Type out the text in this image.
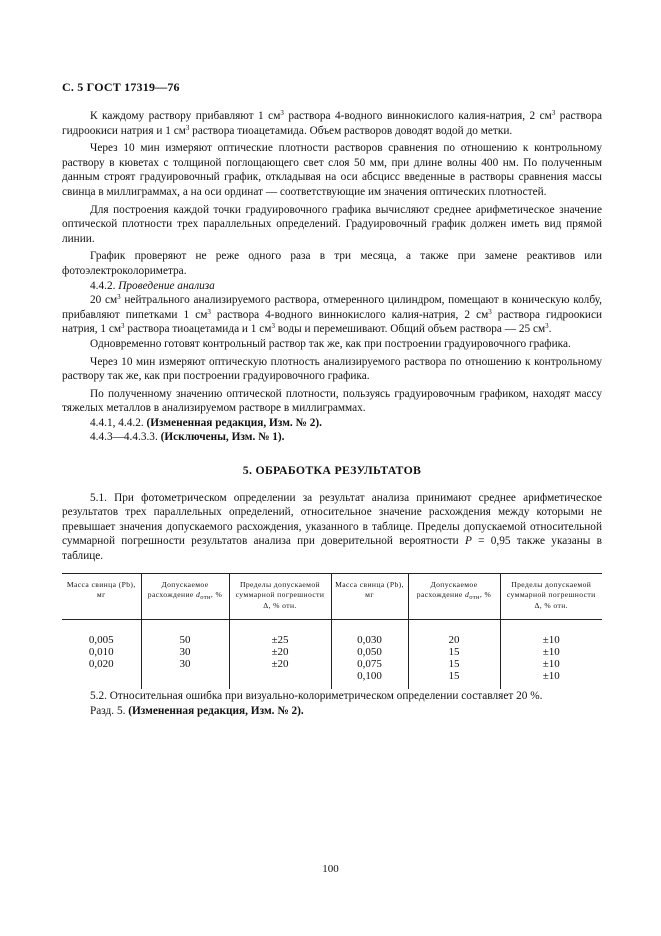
С. 5 ГОСТ 17319—76

К каждому раствору прибавляют 1 $см^3$ раствора 4-водного виннокислого калия-натрия, 2 $см^3$ раствора гидроокиси натрия и 1 $см^3$ раствора тиоацетамида. Объем растворов доводят водой до метки.

Через 10 мин измеряют оптические плотности растворов сравнения по отношению к контрольному раствору в кюветах с толщиной поглощающего свет слоя 50 мм, при длине волны 400 нм. По полученным данным строят градуировочный график, откладывая на оси абсцисс введенные в растворы сравнения массы свинца в миллиграммах, а на оси ординат — соответствующие им значения оптических плотностей.

Для построения каждой точки градуировочного графика вычисляют среднее арифметическое значение оптической плотности трех параллельных определений. Градуировочный график должен иметь вид прямой линии.

График проверяют не реже одного раза в три месяца, а также при замене реактивов или фотоэлектроколориметра.

4.4.2. Проведение анализа

20 $см^3$ нейтрального анализируемого раствора, отмеренного цилиндром, помещают в коническую колбу, прибавляют пипетками 1 $см^3$ раствора 4-водного виннокислого калия-натрия, 2 $см^3$ раствора гидроокиси натрия, 1 $см^3$ раствора тиоацетамида и 1 $см^3$ воды и перемешивают. Общий объем раствора — 25 $см^3$.

Одновременно готовят контрольный раствор так же, как при построении градуировочного графика.

Через 10 мин измеряют оптическую плотность анализируемого раствора по отношению к контрольному раствору так же, как при построении градуировочного графика.

По полученному значению оптической плотности, пользуясь градуировочным графиком, находят массу тяжелых металлов в анализируемом растворе в миллиграммах.

4.4.1, 4.4.2. (Измененная редакция, Изм. № 2).

4.4.3—4.4.3.3. (Исключены, Изм. № 1).

5. ОБРАБОТКА РЕЗУЛЬТАТОВ

5.1. При фотометрическом определении за результат анализа принимают среднее арифметическое результатов трех параллельных определений, относительное значение расхождения между которыми не превышает значения допускаемого расхождения, указанного в таблице. Пределы допускаемой относительной суммарной погрешности результатов анализа при доверительной вероятности P = 0,95 также указаны в таблице.

Масса свинца (Pb), мг	Допускаемое расхождение dотн, %	Пределы допускаемой суммарной погрешности Δ, % отн.	Масса свинца (Pb), мг	Допускаемое расхождение dотн, %	Пределы допускаемой суммарной погрешности Δ, % отн.
0,005	50	±25	0,030	20	±10
0,010	30	±20	0,050	15	±10
0,020	30	±20	0,075	15	±10
			0,100	15	±10

5.2. Относительная ошибка при визуально-колориметрическом определении составляет 20 %.

Разд. 5. (Измененная редакция, Изм. № 2).

100
